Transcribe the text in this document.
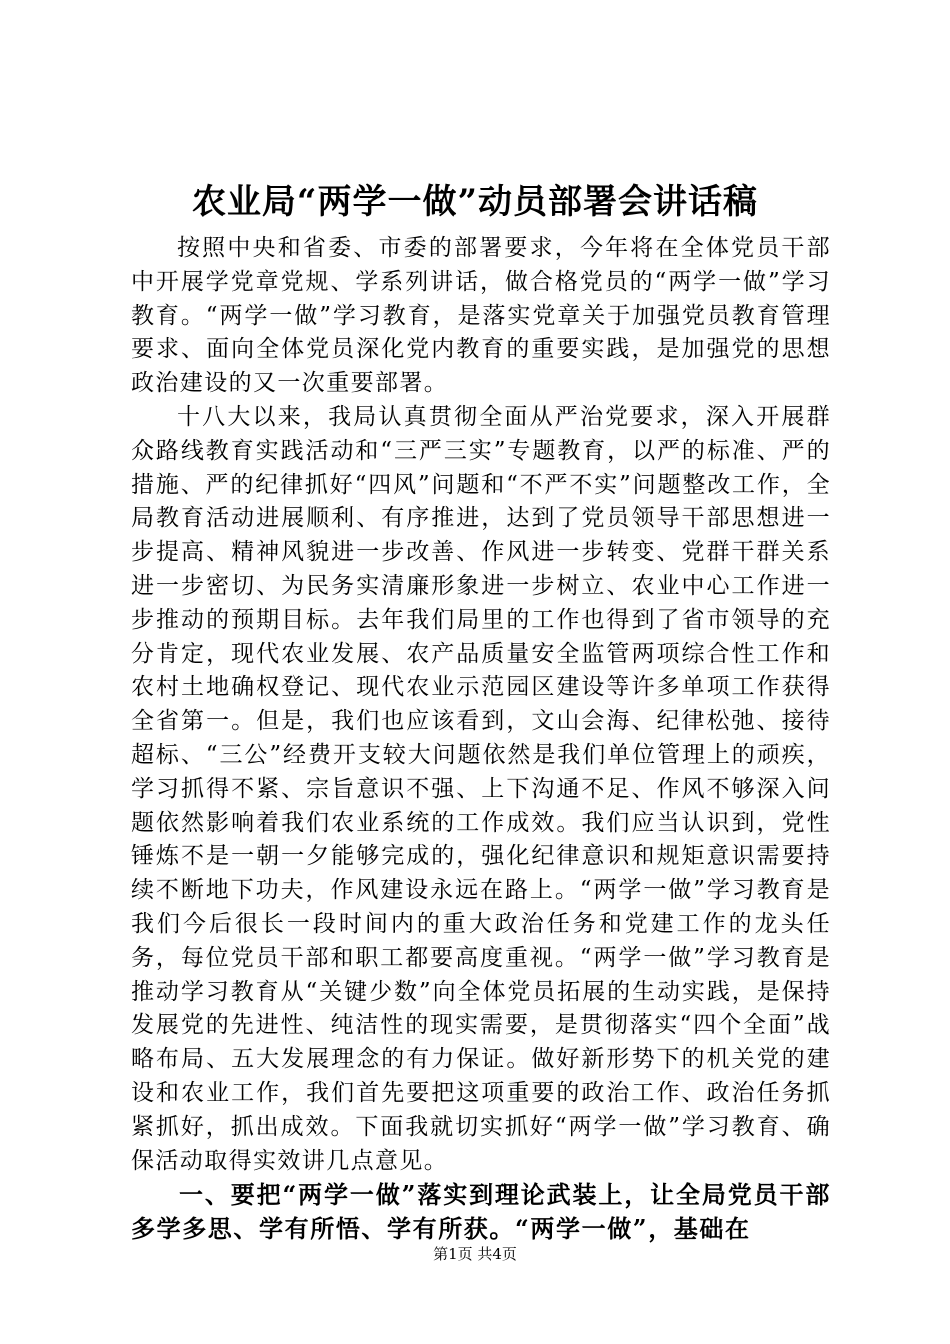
农业局“两学一做”动员部署会讲话稿

按照中央和省委、市委的部署要求，今年将在全体党员干部中开展学党章党规、学系列讲话，做合格党员的“两学一做”学习教育。“两学一做”学习教育，是落实党章关于加强党员教育管理要求、面向全体党员深化党内教育的重要实践，是加强党的思想政治建设的又一次重要部署。

十八大以来，我局认真贯彻全面从严治党要求，深入开展群众路线教育实践活动和“三严三实”专题教育，以严的标准、严的措施、严的纪律抓好“四风”问题和“不严不实”问题整改工作，全局教育活动进展顺利、有序推进，达到了党员领导干部思想进一步提高、精神风貌进一步改善、作风进一步转变、党群干群关系进一步密切、为民务实清廉形象进一步树立、农业中心工作进一步推动的预期目标。去年我们局里的工作也得到了省市领导的充分肯定，现代农业发展、农产品质量安全监管两项综合性工作和农村土地确权登记、现代农业示范园区建设等许多单项工作获得全省第一。但是，我们也应该看到，文山会海、纪律松弛、接待超标、“三公”经费开支较大问题依然是我们单位管理上的顽疾，学习抓得不紧、宗旨意识不强、上下沟通不足、作风不够深入问题依然影响着我们农业系统的工作成效。我们应当认识到，党性锤炼不是一朝一夕能够完成的，强化纪律意识和规矩意识需要持续不断地下功夫，作风建设永远在路上。“两学一做”学习教育是我们今后很长一段时间内的重大政治任务和党建工作的龙头任务，每位党员干部和职工都要高度重视。“两学一做”学习教育是推动学习教育从“关键少数”向全体党员拓展的生动实践，是保持发展党的先进性、纯洁性的现实需要，是贯彻落实“四个全面”战略布局、五大发展理念的有力保证。做好新形势下的机关党的建设和农业工作，我们首先要把这项重要的政治工作、政治任务抓紧抓好，抓出成效。下面我就切实抓好“两学一做”学习教育、确保活动取得实效讲几点意见。

一、要把“两学一做”落实到理论武装上，让全局党员干部多学多思、学有所悟、学有所获。“两学一做”，基础在

第1页 共4页
